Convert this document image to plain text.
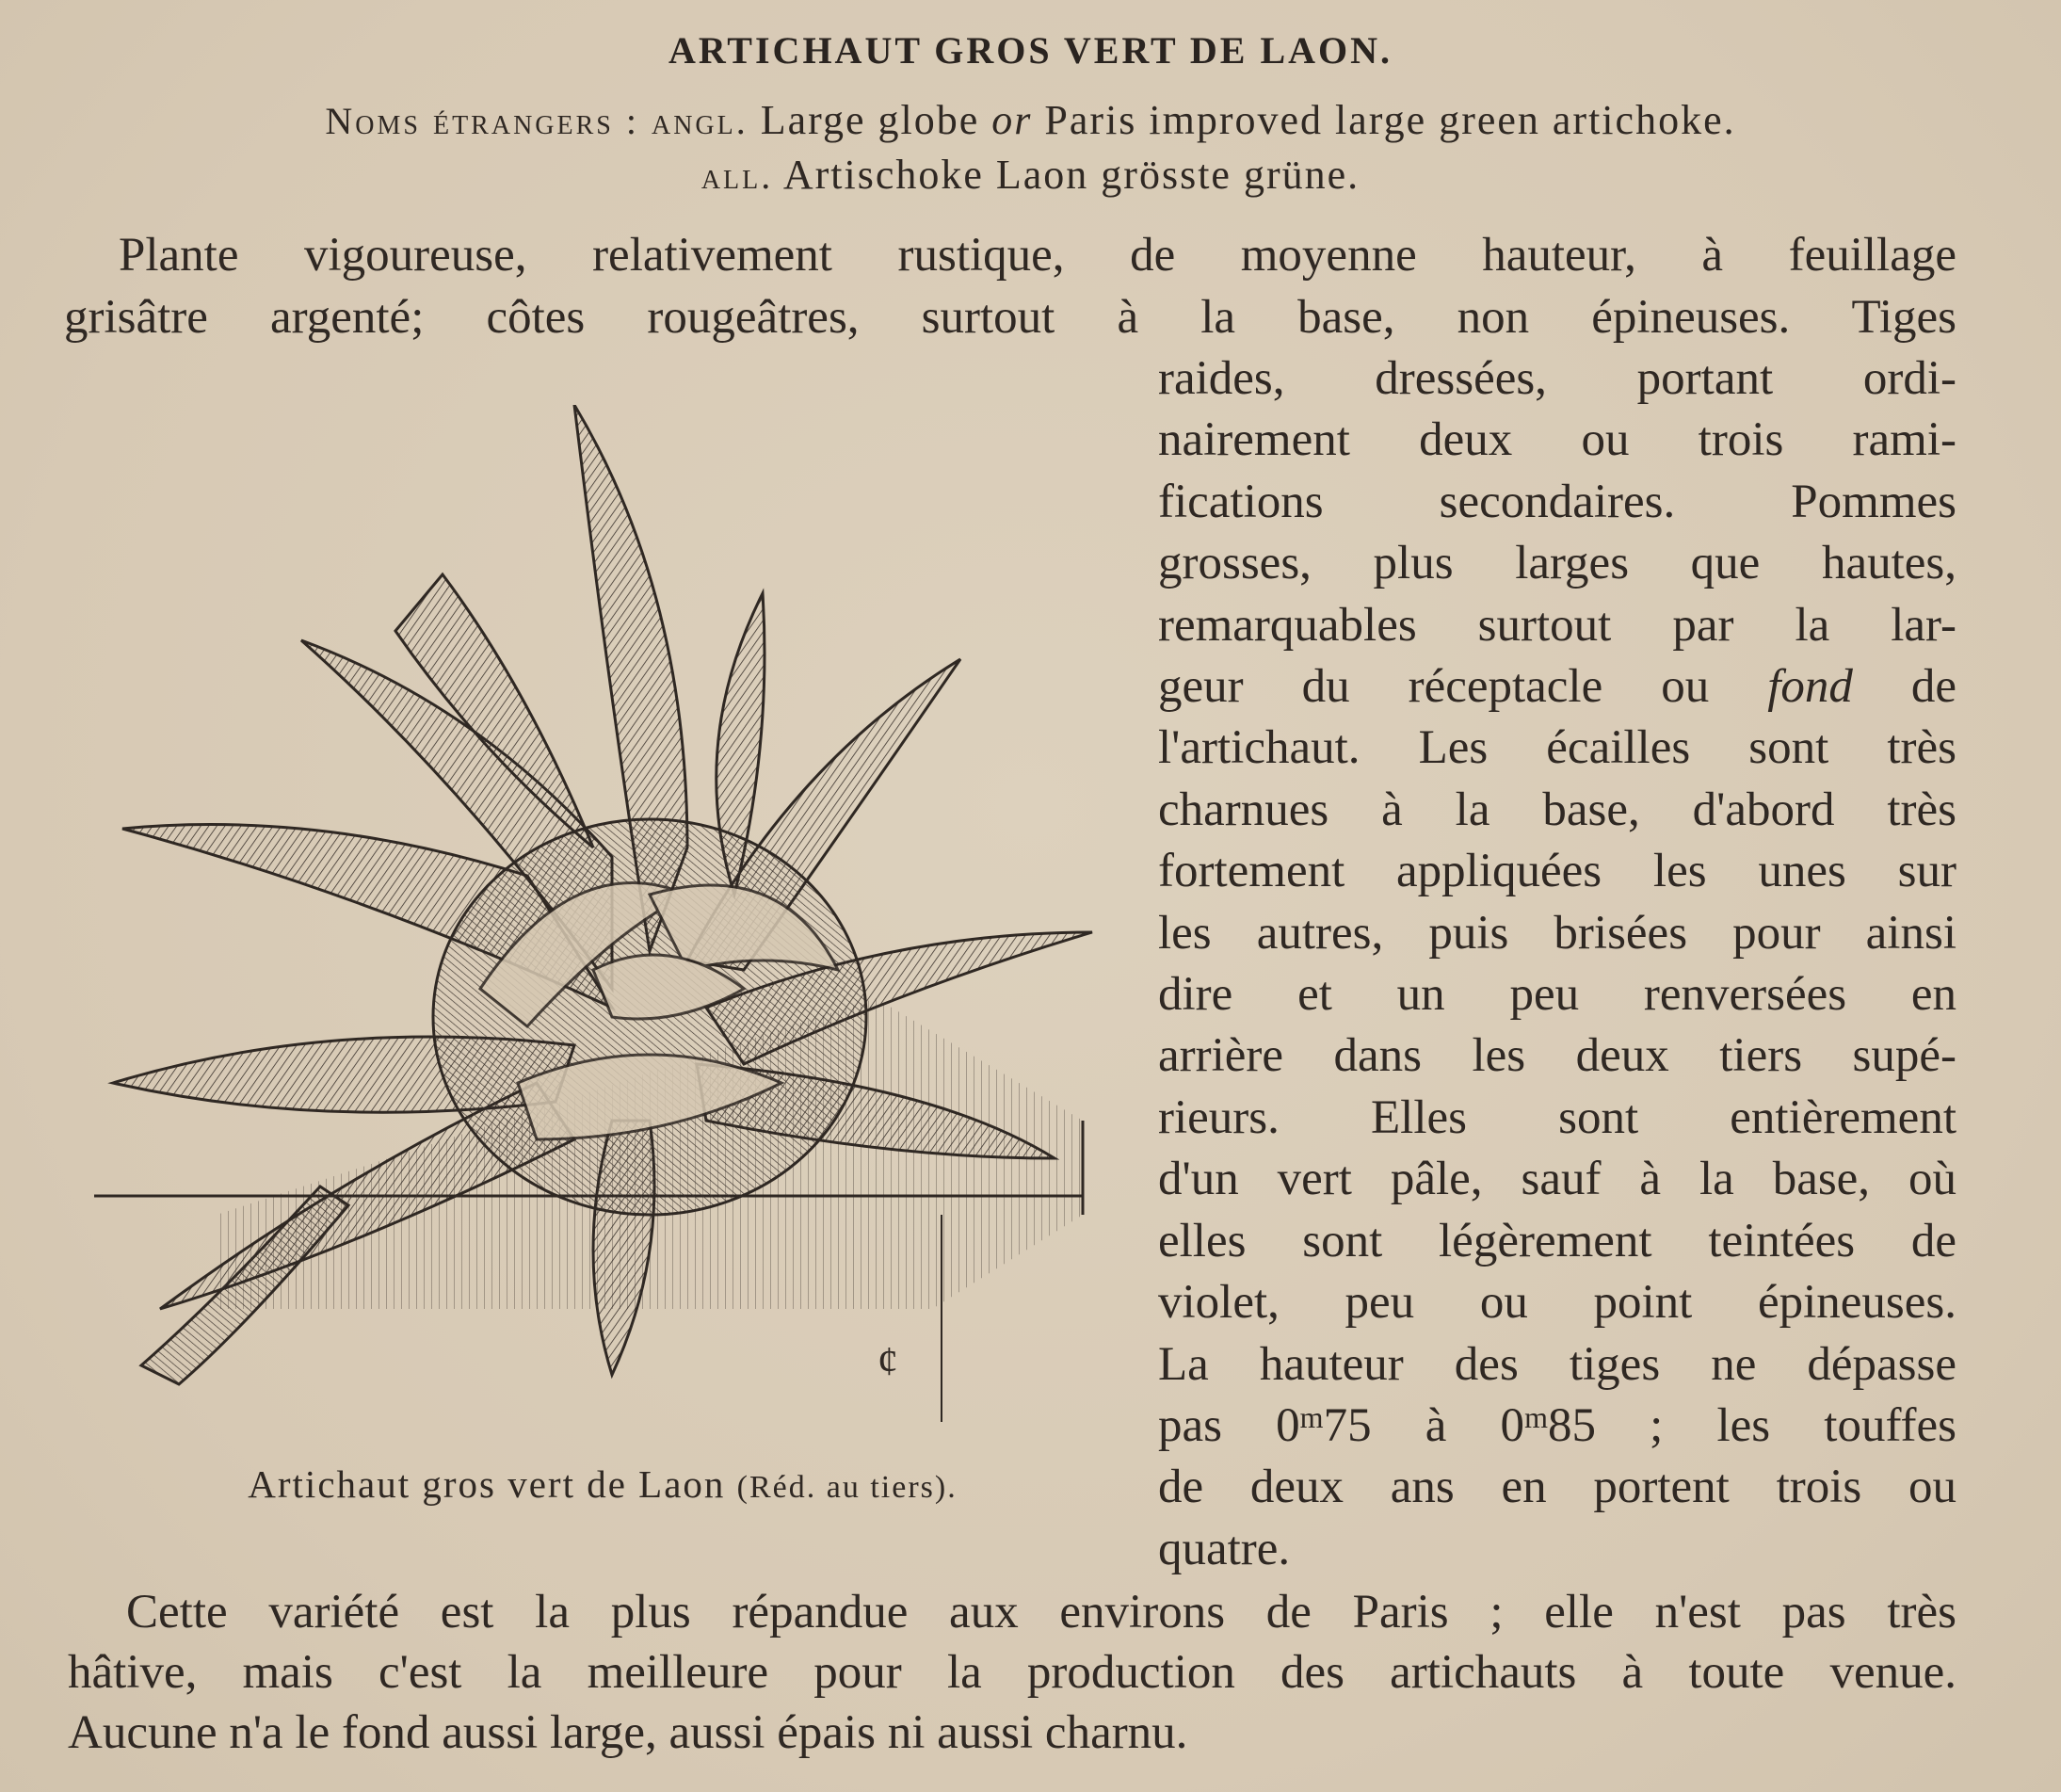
ARTICHAUT GROS VERT DE LAON.
Noms étrangers : angl. Large globe or Paris improved large green artichoke.
all. Artischoke Laon grösste grüne.
Plante vigoureuse, relativement rustique, de moyenne hauteur, à feuillage
grisâtre argenté; côtes rougeâtres, surtout à la base, non épineuses. Tiges
raides, dressées, portant ordi-
nairement deux ou trois rami-
fications secondaires. Pommes
grosses, plus larges que hautes,
remarquables surtout par la lar-
geur du réceptacle ou fond de
l'artichaut. Les écailles sont très
charnues à la base, d'abord très
fortement appliquées les unes sur
les autres, puis brisées pour ainsi
dire et un peu renversées en
arrière dans les deux tiers supé-
rieurs. Elles sont entièrement
d'un vert pâle, sauf à la base, où
elles sont légèrement teintées de
violet, peu ou point épineuses.
La hauteur des tiges ne dépasse
pas 0$^m$75 à 0$^m$85 ; les touffes
de deux ans en portent trois ou
quatre.
ȼ
Artichaut gros vert de Laon (Réd. au tiers).
Cette variété est la plus répandue aux environs de Paris ; elle n'est pas très
hâtive, mais c'est la meilleure pour la production des artichauts à toute venue.
Aucune n'a le fond aussi large, aussi épais ni aussi charnu.
